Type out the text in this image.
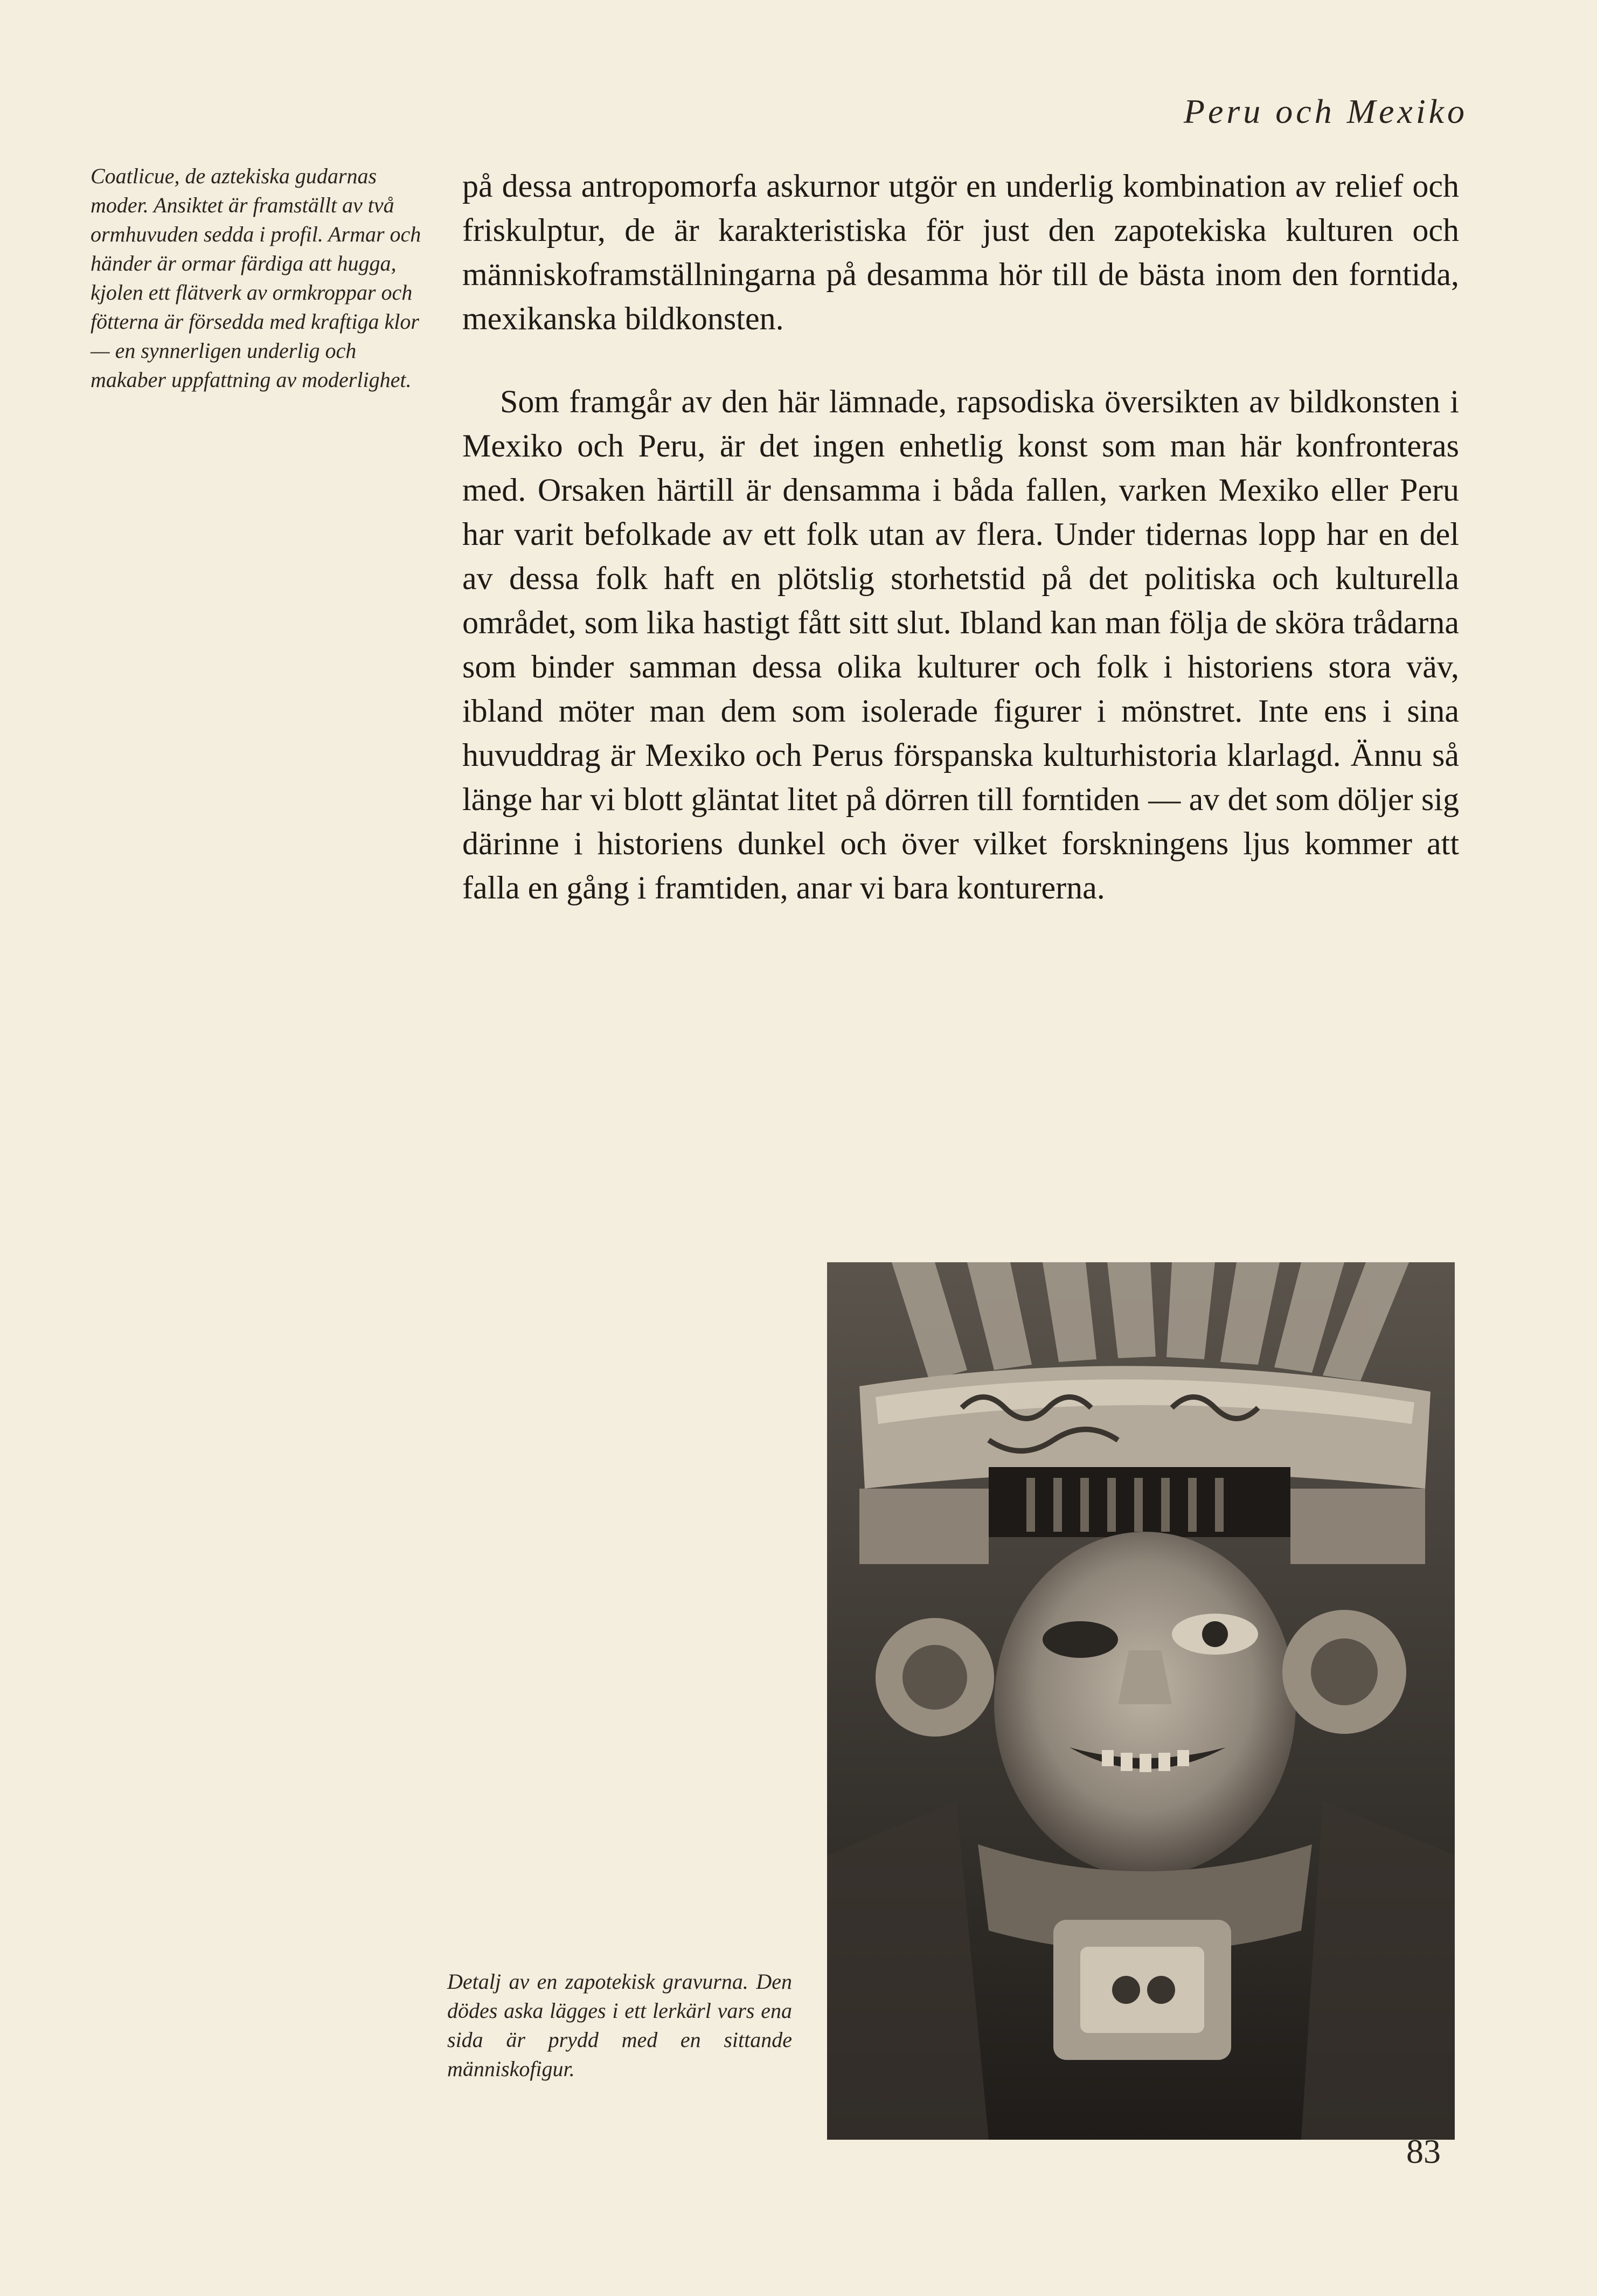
Peru och Mexiko

Coatlicue, de aztekiska gudarnas moder. Ansiktet är framställt av två ormhuvuden sedda i profil. Armar och händer är ormar färdiga att hugga, kjolen ett flätverk av ormkroppar och fötterna är försedda med kraftiga klor — en synnerligen underlig och makaber uppfattning av moderlighet.

på dessa antropomorfa askurnor utgör en underlig kombination av relief och friskulptur, de är karakteristiska för just den zapotekiska kulturen och människoframställningarna på desamma hör till de bästa inom den forntida, mexikanska bildkonsten.

Som framgår av den här lämnade, rapsodiska översikten av bildkonsten i Mexiko och Peru, är det ingen enhetlig konst som man här konfronteras med. Orsaken härtill är densamma i båda fallen, varken Mexiko eller Peru har varit befolkade av ett folk utan av flera. Under tidernas lopp har en del av dessa folk haft en plötslig storhetstid på det politiska och kulturella området, som lika hastigt fått sitt slut. Ibland kan man följa de sköra trådarna som binder samman dessa olika kulturer och folk i historiens stora väv, ibland möter man dem som isolerade figurer i mönstret. Inte ens i sina huvuddrag är Mexiko och Perus förspanska kulturhistoria klarlagd. Ännu så länge har vi blott gläntat litet på dörren till forntiden — av det som döljer sig därinne i historiens dunkel och över vilket forskningens ljus kommer att falla en gång i framtiden, anar vi bara konturerna.

Detalj av en zapotekisk gravurna. Den dödes aska lägges i ett lerkärl vars ena sida är prydd med en sittande människofigur.

83
